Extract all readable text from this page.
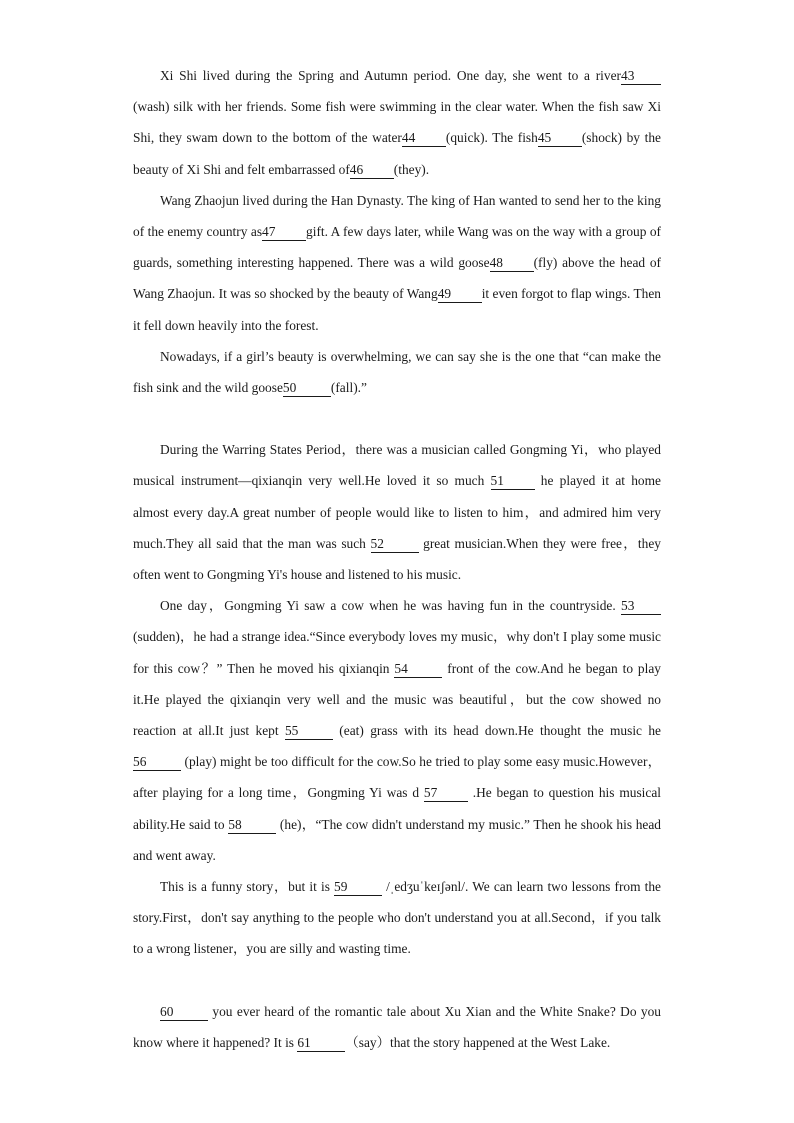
Xi Shi lived during the Spring and Autumn period. One day, she went to a river43(wash) silk with her friends. Some fish were swimming in the clear water. When the fish saw Xi Shi, they swam down to the bottom of the water44 (quick). The fish45 (shock) by the beauty of Xi Shi and felt embarrassed of46 (they).

Wang Zhaojun lived during the Han Dynasty. The king of Han wanted to send her to the king of the enemy country as47 gift. A few days later, while Wang was on the way with a group of guards, something interesting happened. There was a wild goose48 (fly) above the head of Wang Zhaojun. It was so shocked by the beauty of Wang49 it even forgot to flap wings. Then it fell down heavily into the forest.

Nowadays, if a girl’s beauty is overwhelming, we can say she is the one that “can make the fish sink and the wild goose50	(fall).”

During the Warring States Period，there was a musician called Gongming Yi，who played musical instrument—qixianqin very well.He loved it so much 51 he played it at home almost every day.A great number of people would like to listen to him，and admired him very much.They all said that the man was such 52	great musician.When they were free，they often went to Gongming Yi's house and listened to his music.

One day，Gongming Yi saw a cow when he was having fun in the countryside. 53 (sudden)，he had a strange idea.“Since everybody loves my music，why don't I play some music for this cow？” Then he moved his qixianqin 54	front of the cow.And he began to play it.He played the qixianqin very well and the music was beautiful，but the cow showed no reaction at all.It just kept 55	(eat) grass with its head down.He thought the music he 56	(play) might be too difficult for the cow.So he tried to play some easy music.However，after playing for a long time，Gongming Yi was d 57 .He began to question his musical ability.He said to 58	(he)，“The cow didn't understand my music.” Then he shook his head and went away.

This is a funny story，but it is 59	/ˌedʒuˈkeɪʃənl/. We can learn two lessons from the story.First，don't say anything to the people who don't understand you at all.Second，if you talk to a wrong listener，you are silly and wasting time.

60	you ever heard of the romantic tale about Xu Xian and the White Snake? Do you know where it happened? It is 61	（say）that the story happened at the West Lake.
